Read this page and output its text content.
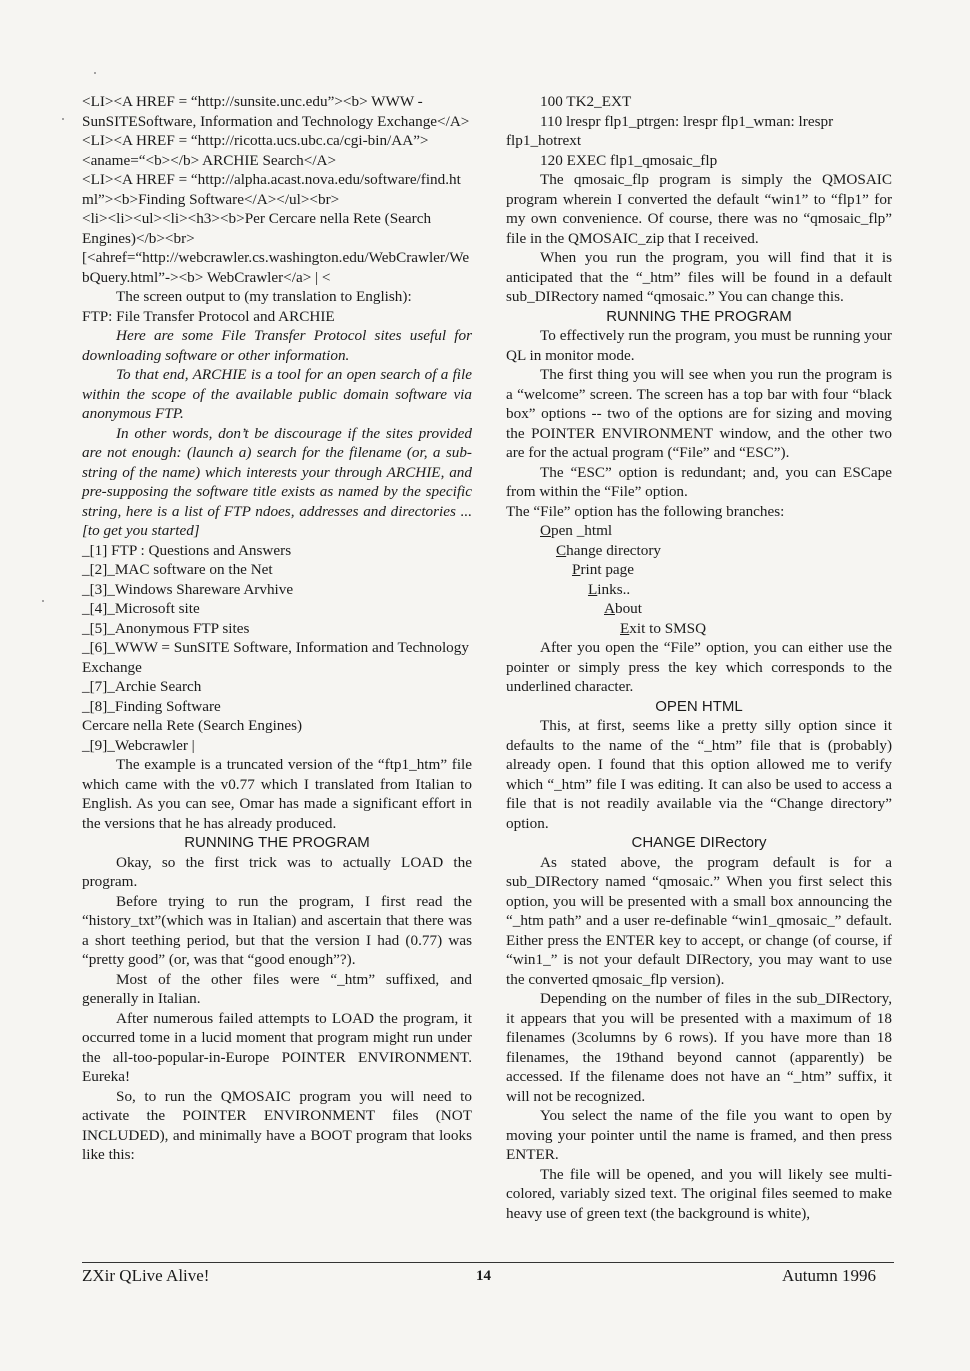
<LI><A HREF = “http://sunsite.unc.edu”><b> WWW - SunSITESoftware, Information and Technology Exchange</A>

<LI><A HREF = “http://ricotta.ucs.ubc.ca/cgi-bin/AA”><aname=“<b></b> ARCHIE Search</A>

<LI><A HREF = “http://alpha.acast.nova.edu/software/find.html”><b>Finding Software</A></ul><br>

<li><li><ul><li><h3><b>Per Cercare nella Rete (Search Engines)</b><br>

[<ahref=“http://webcrawler.cs.washington.edu/WebCrawler/WebQuery.html”-><b> WebCrawler</a> | <

The screen output to (my translation to English):

FTP: File Transfer Protocol and ARCHIE

Here are some File Transfer Protocol sites useful for downloading software or other information.

To that end, ARCHIE is a tool for an open search of a file within the scope of the available public domain software via anonymous FTP.

In other words, don’t be discourage if the sites provided are not enough: (launch a) search for the filename (or, a sub-string of the name) which interests your through ARCHIE, and pre-supposing the software title exists as named by the specific string, here is a list of FTP ndoes, addresses and directories ... [to get you started]

_[1] FTP : Questions and Answers

_[2]_MAC software on the Net

_[3]_Windows Shareware Arvhive

_[4]_Microsoft site

_[5]_Anonymous FTP sites

_[6]_WWW = SunSITE Software, Information and Technology Exchange

_[7]_Archie Search

_[8]_Finding Software

Cercare nella Rete (Search Engines)

_[9]_Webcrawler |

The example is a truncated version of the “ftp1_htm” file which came with the v0.77 which I translated from Italian to English. As you can see, Omar has made a significant effort in the versions that he has already produced.

RUNNING THE PROGRAM

Okay, so the first trick was to actually LOAD the program.

Before trying to run the program, I first read the “history_txt”(which was in Italian) and ascertain that there was a short teething period, but that the version I had (0.77) was “pretty good” (or, was that “good enough”?).

Most of the other files were “_htm” suffixed, and generally in Italian.

After numerous failed attempts to LOAD the program, it occurred tome in a lucid moment that program might run under the all-too-popular-in-Europe POINTER ENVIRONMENT. Eureka!

So, to run the QMOSAIC program you will need to activate the POINTER ENVIRONMENT files (NOT INCLUDED), and minimally have a BOOT program that looks like this:

100 TK2_EXT

110 lrespr flp1_ptrgen: lrespr flp1_wman: lrespr flp1_hotrext

120 EXEC flp1_qmosaic_flp

The qmosaic_flp program is simply the QMOSAIC program wherein I converted the default “win1” to “flp1” for my own convenience. Of course, there was no “qmosaic_flp” file in the QMOSAIC_zip that I received.

When you run the program, you will find that it is anticipated that the “_htm” files will be found in a default sub_DIRectory named “qmosaic.” You can change this.

RUNNING THE PROGRAM

To effectively run the program, you must be running your QL in monitor mode.

The first thing you will see when you run the program is a “welcome” screen. The screen has a top bar with four “black box” options -- two of the options are for sizing and moving the POINTER ENVIRONMENT window, and the other two are for the actual program (“File” and “ESC”).

The “ESC” option is redundant; and, you can ESCape from within the “File” option.

The “File” option has the following branches:

Open _html
Change directory
Print page
Links..
About
Exit to SMSQ

After you open the “File” option, you can either use the pointer or simply press the key which corresponds to the underlined character.

OPEN HTML

This, at first, seems like a pretty silly option since it defaults to the name of the “_htm” file that is (probably) already open. I found that this option allowed me to verify which “_htm” file I was editing. It can also be used to access a file that is not readily available via the “Change directory” option.

CHANGE DIRectory

As stated above, the program default is for a sub_DIRectory named “qmosaic.” When you first select this option, you will be presented with a small box announcing the “_htm path” and a user re-definable “win1_qmosaic_” default. Either press the ENTER key to accept, or change (of course, if “win1_” is not your default DIRectory, you may want to use the converted qmosaic_flp version).

Depending on the number of files in the sub_DIRectory, it appears that you will be presented with a maximum of 18 filenames (3columns by 6 rows). If you have more than 18 filenames, the 19thand beyond cannot (apparently) be accessed. If the filename does not have an “_htm” suffix, it will not be recognized.

You select the name of the file you want to open by moving your pointer until the name is framed, and then press ENTER.

The file will be opened, and you will likely see multi-colored, variably sized text. The original files seemed to make heavy use of green text (the background is white),

ZXir QLive Alive!	14	Autumn 1996
